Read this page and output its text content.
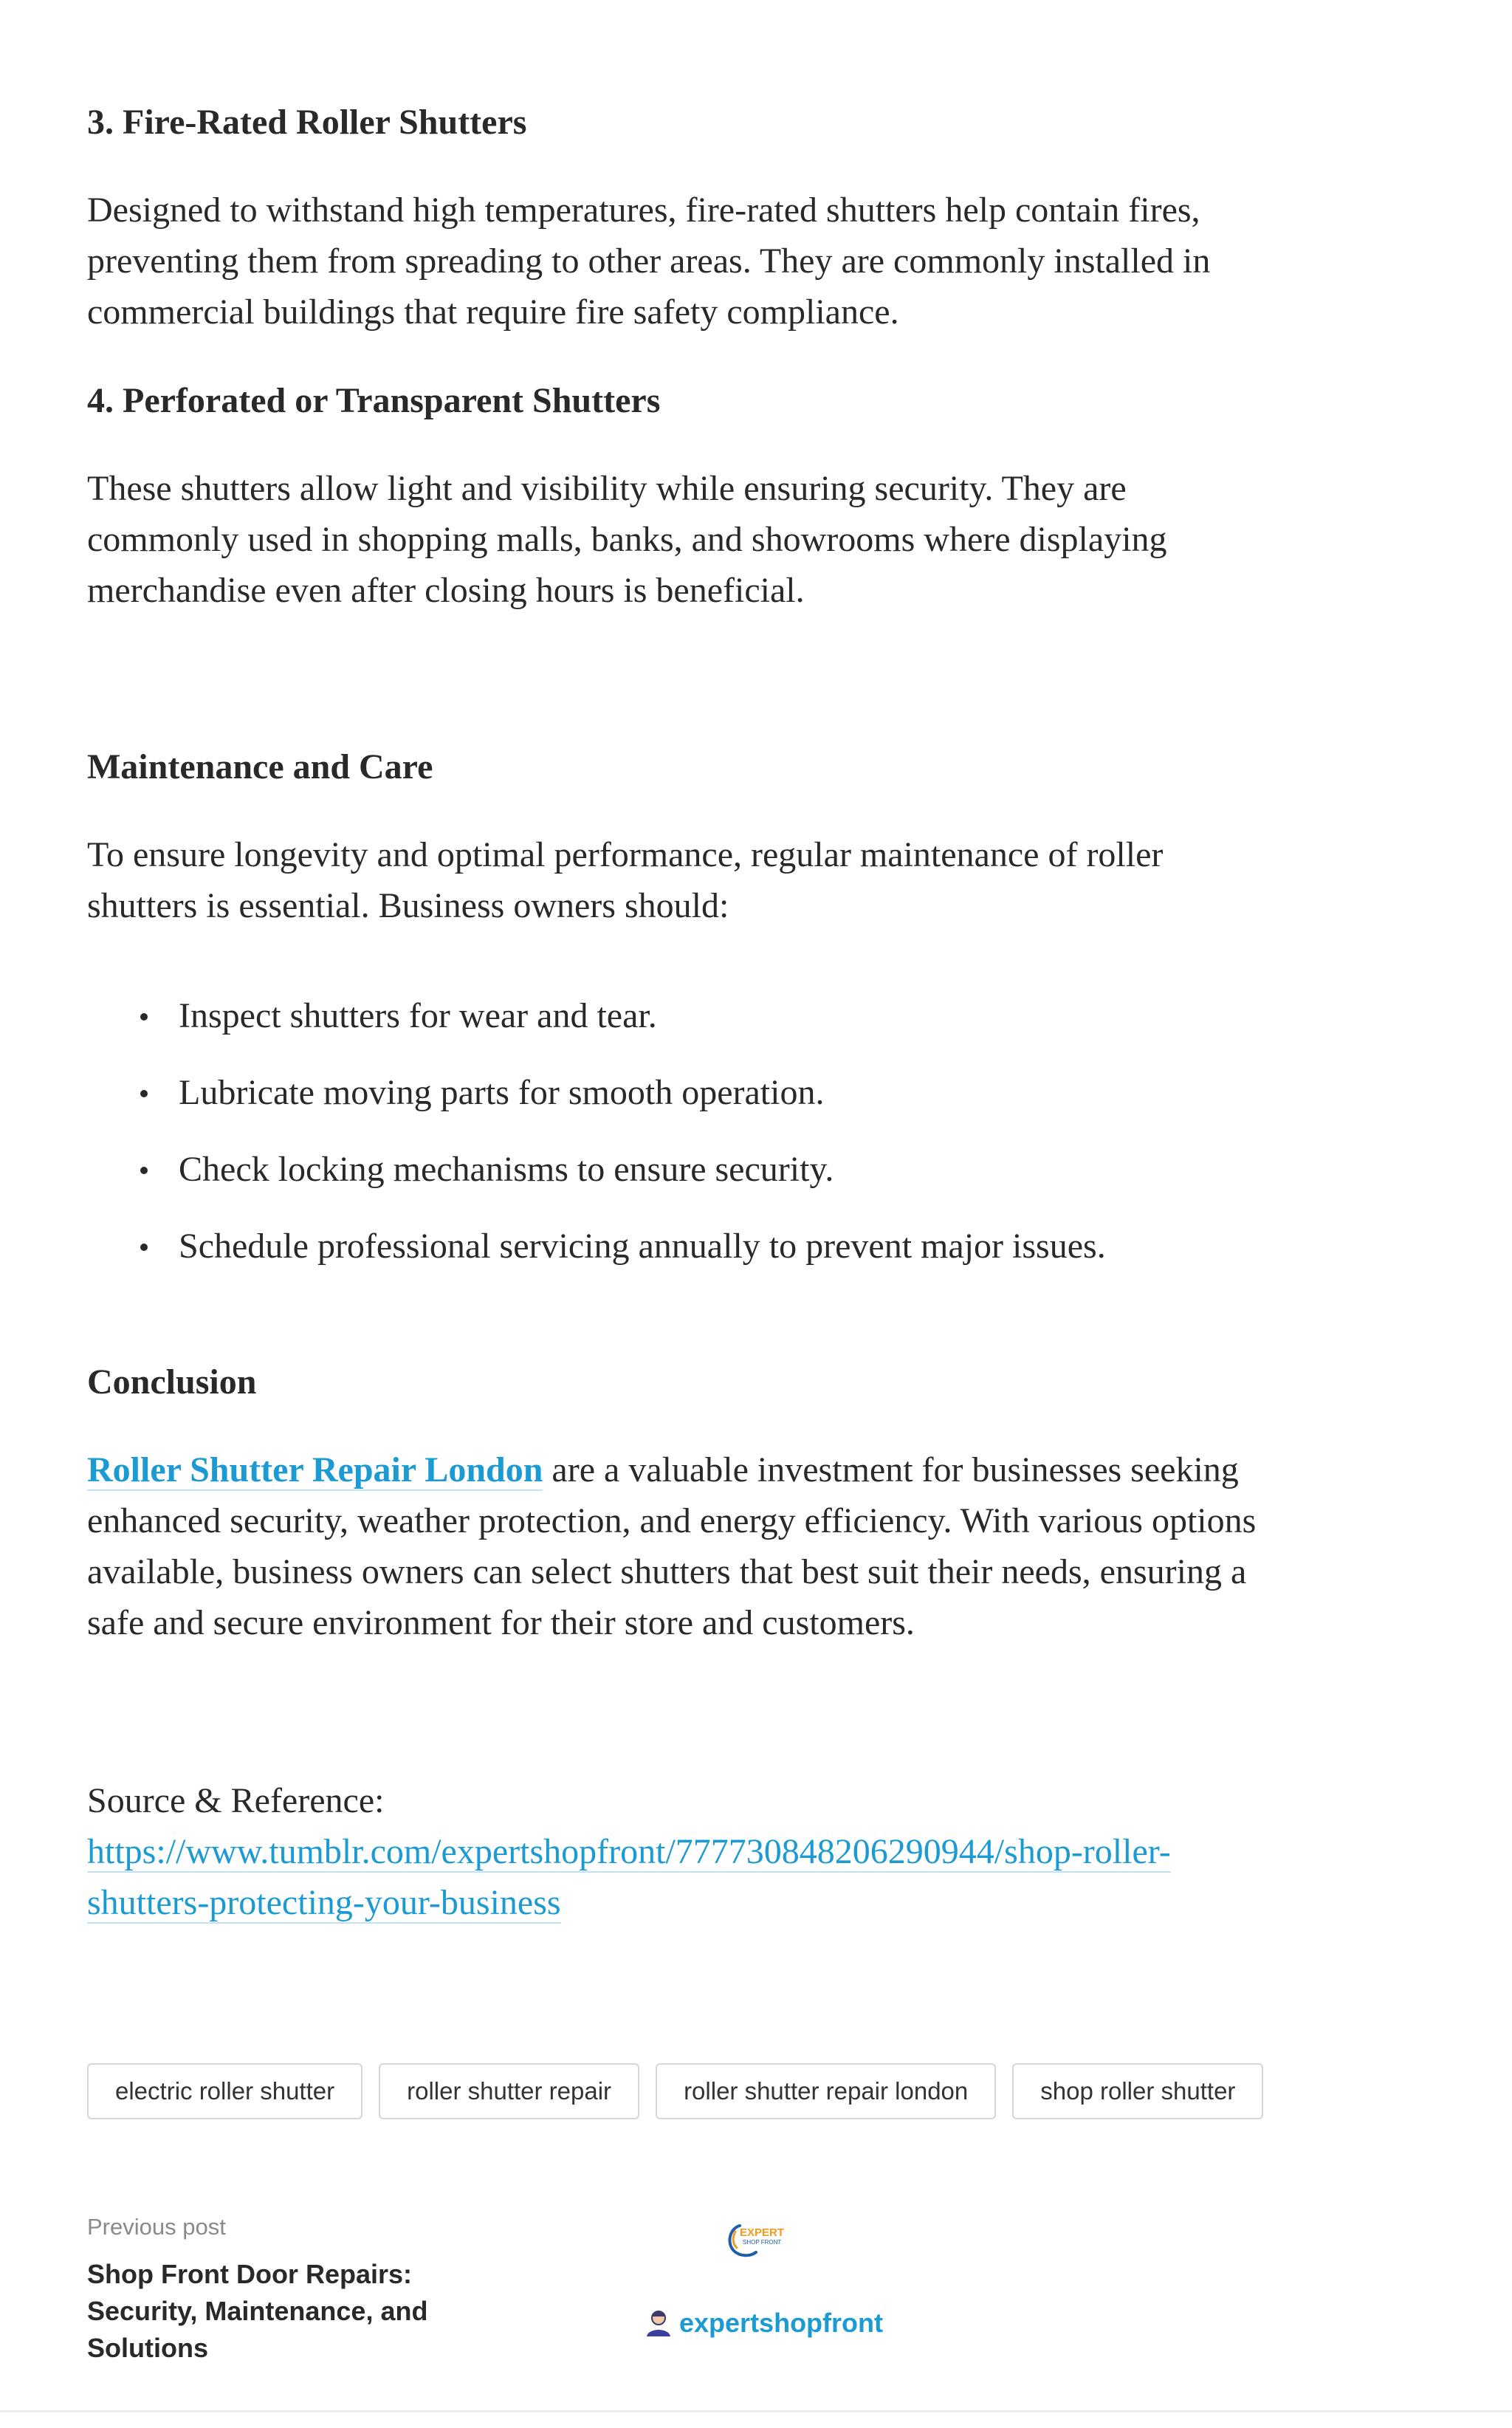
3. Fire-Rated Roller Shutters

Designed to withstand high temperatures, fire-rated shutters help contain fires,
preventing them from spreading to other areas. They are commonly installed in
commercial buildings that require fire safety compliance.

4. Perforated or Transparent Shutters

These shutters allow light and visibility while ensuring security. They are
commonly used in shopping malls, banks, and showrooms where displaying
merchandise even after closing hours is beneficial.

Maintenance and Care

To ensure longevity and optimal performance, regular maintenance of roller
shutters is essential. Business owners should:

Inspect shutters for wear and tear.
Lubricate moving parts for smooth operation.
Check locking mechanisms to ensure security.
Schedule professional servicing annually to prevent major issues.
Conclusion

Roller Shutter Repair London are a valuable investment for businesses seeking
enhanced security, weather protection, and energy efficiency. With various options
available, business owners can select shutters that best suit their needs, ensuring a
safe and secure environment for their store and customers.

Source & Reference:
https://www.tumblr.com/expertshopfront/777730848206290944/shop-roller-
shutters-protecting-your-business

electric roller shutter	roller shutter repair	roller shutter repair london	shop roller shutter
Previous post
Shop Front Door Repairs: Security, Maintenance, and Solutions
EXPERT
SHOP FRONT
expertshopfront
